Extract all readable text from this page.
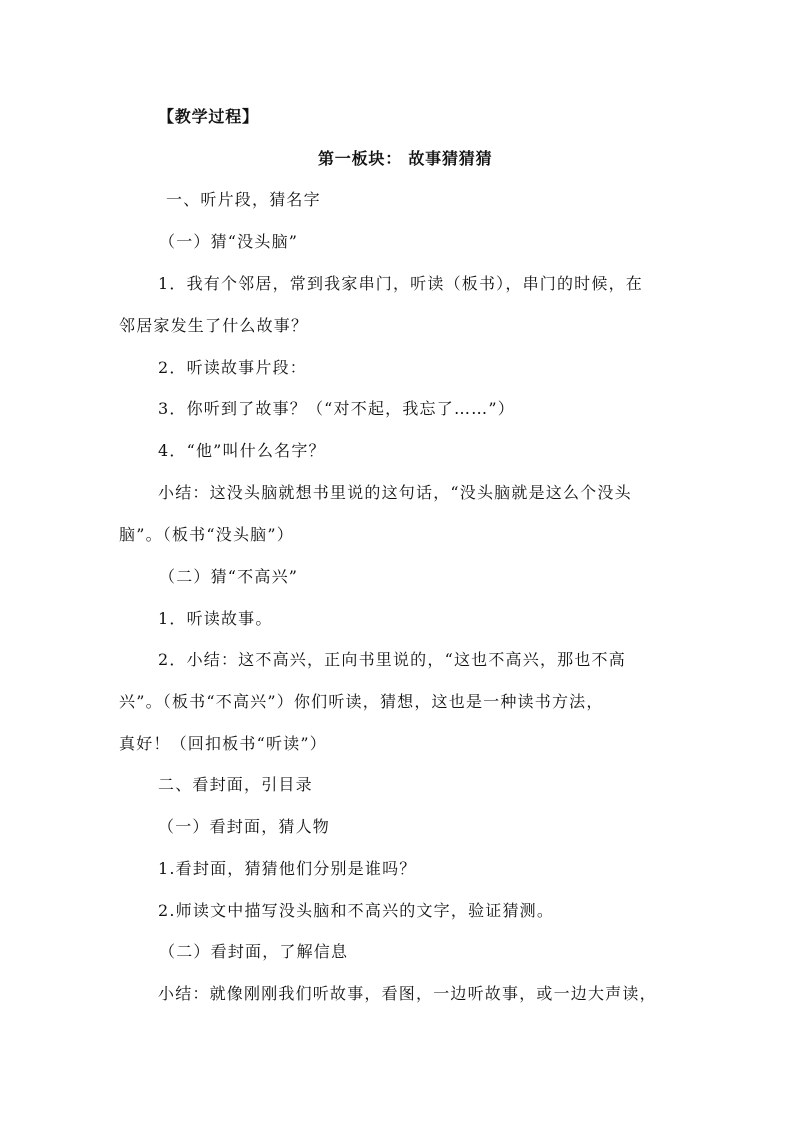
【教学过程】
第一板块： 故事猜猜猜
一、听片段，猜名字
（一）猜“没头脑”
1．我有个邻居，常到我家串门，听读（板书），串门的时候，在
邻居家发生了什么故事？
2．听读故事片段：
3．你听到了故事？（“对不起，我忘了……”）
4．“他”叫什么名字？
小结：这没头脑就想书里说的这句话，“没头脑就是这么个没头
脑”。（板书“没头脑”）
（二）猜“不高兴”
1．听读故事。
2．小结：这不高兴，正向书里说的，“这也不高兴，那也不高
兴”。（板书“不高兴”）你们听读，猜想，这也是一种读书方法，
真好！（回扣板书“听读”）
二、看封面，引目录
（一）看封面，猜人物
1.看封面，猜猜他们分别是谁吗？
2.师读文中描写没头脑和不高兴的文字，验证猜测。
（二）看封面，了解信息
小结：就像刚刚我们听故事，看图，一边听故事，或一边大声读，
